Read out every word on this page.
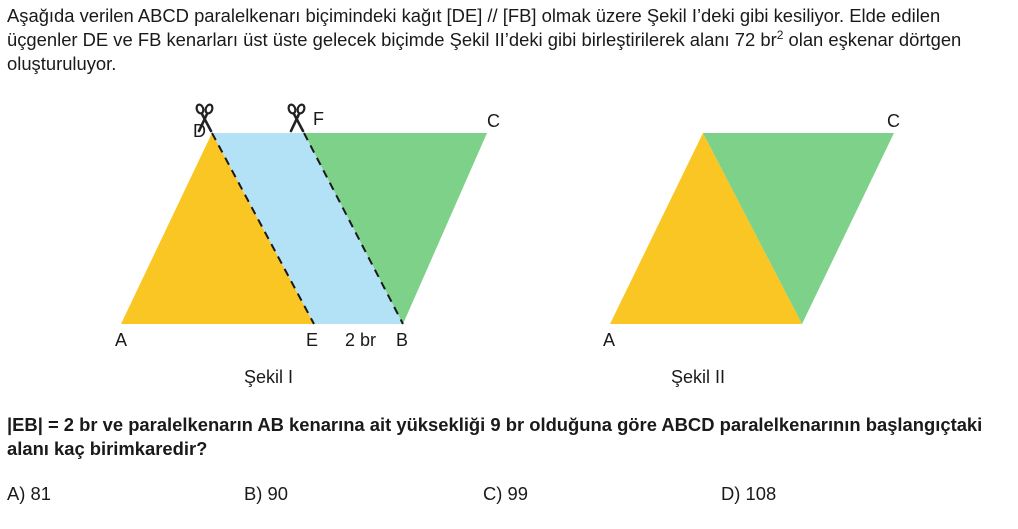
Aşağıda verilen ABCD paralelkenarı biçimindeki kağıt [DE] // [FB] olmak üzere Şekil I’deki gibi kesiliyor. Elde edilen üçgenler DE ve FB kenarları üst üste gelecek biçimde Şekil II’deki gibi birleştirilerek alanı 72 $br^2$ olan eşkenar dörtgen oluşturuluyor.

D
F	C
A	E 2 br B
Şekil I
C
A
Şekil II

|EB| = 2 br ve paralelkenarın AB kenarına ait yüksekliği 9 br olduğuna göre ABCD paralelkenarının başlangıçtaki alanı kaç birimkaredir?

A) 81	B) 90	C) 99	D) 108
